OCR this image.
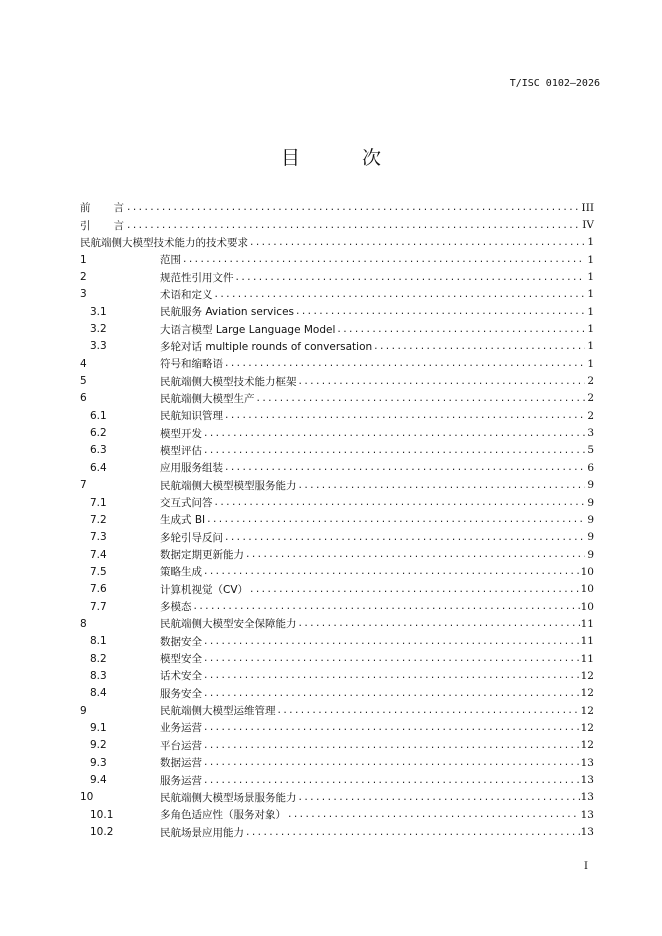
T/ISC 0102—2026
目 次
前 言 .....	III
引 言 .....	IV
民航端侧大模型技术能力的技术要求 .....	1
1	范围 .....	1
2	规范性引用文件 .....	1
3	术语和定义 .....	1
3.1	民航服务 Aviation services .....	1
3.2	大语言模型 Large Language Model .....	1
3.3	多轮对话 multiple rounds of conversation .....	1
4	符号和缩略语 .....	1
5	民航端侧大模型技术能力框架 .....	2
6	民航端侧大模型生产 .....	2
6.1	民航知识管理 .....	2
6.2	模型开发 .....	3
6.3	模型评估 .....	5
6.4	应用服务组装 .....	6
7	民航端侧大模型模型服务能力 .....	9
7.1	交互式问答 .....	9
7.2	生成式 BI .....	9
7.3	多轮引导反问 .....	9
7.4	数据定期更新能力 .....	9
7.5	策略生成 .....	10
7.6	计算机视觉（CV） .....	10
7.7	多模态 .....	10
8	民航端侧大模型安全保障能力 .....	11
8.1	数据安全 .....	11
8.2	模型安全 .....	11
8.3	话术安全 .....	12
8.4	服务安全 .....	12
9	民航端侧大模型运维管理 .....	12
9.1	业务运营 .....	12
9.2	平台运营 .....	12
9.3	数据运营 .....	13
9.4	服务运营 .....	13
10	民航端侧大模型场景服务能力 .....	13
10.1	多角色适应性（服务对象） .....	13
10.2	民航场景应用能力 .....	13
I
